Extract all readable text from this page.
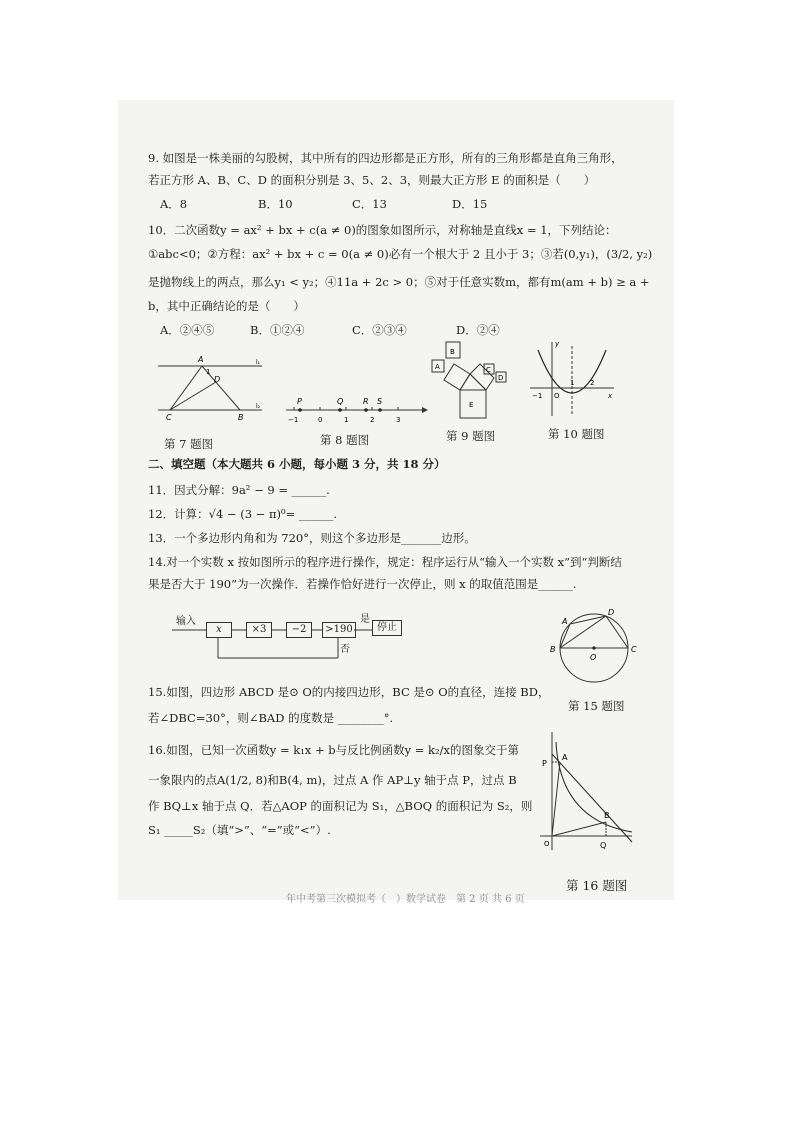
9. 如图是一株美丽的勾股树，其中所有的四边形都是正方形，所有的三角形都是直角三角形，
若正方形 A、B、C、D 的面积分别是 3、5、2、3，则最大正方形 E 的面积是（　　）
A．8	B．10	C．13	D．15
10．二次函数y = ax² + bx + c(a ≠ 0)的图象如图所示，对称轴是直线x = 1，下列结论：
①abc<0；②方程：ax² + bx + c = 0(a ≠ 0)必有一个根大于 2 且小于 3；③若(0,y₁)，(3/2, y₂)
是抛物线上的两点，那么y₁ < y₂；④11a + 2c > 0；⑤对于任意实数m，都有m(am + b) ≥ a +
b，其中正确结论的是（　　）
A．②④⑤	B．①②④	C．②③④	D．②④
A
1
D
C	B
l₁
l₂
第 7 题图
P	Q R S
−1	0	1	2	3
第 8 题图
B
A	C
D
E
第 9 题图
y
−1 O
1 2
x
第 10 题图
二、填空题（本大题共 6 小题，每小题 3 分，共 18 分）
11．因式分解：9a² − 9 = ______.
12．计算：√4 − (3 − π)⁰= ______.
13．一个多边形内角和为 720°，则这个多边形是_______边形。
14.对一个实数 x 按如图所示的程序进行操作，规定：程序运行从“输入一个实数 x”到“判断结
果是否大于 190”为一次操作．若操作恰好进行一次停止，则 x 的取值范围是______.
输入
x	×3	−2	>190
是
停止
否
A
D
B
O
C
第 15 题图
15.如图，四边形 ABCD 是⊙ O的内接四边形，BC 是⊙ O的直径，连接 BD，
若∠DBC=30°，则∠BAD 的度数是 ________°.
16.如图，已知一次函数y = k₁x + b与反比例函数y = k₂/x的图象交于第
一象限内的点A(1/2, 8)和B(4, m)，过点 A 作 AP⊥y 轴于点 P，过点 B
作 BQ⊥x 轴于点 Q．若△AOP 的面积记为 S₁，△BOQ 的面积记为 S₂，则
S₁ _____S₂（填“>”、“=”或“<”）.
P
A
B
O	Q
第 16 题图
年中考第三次模拟考（　）数学试卷　第 2 页 共 6 页
